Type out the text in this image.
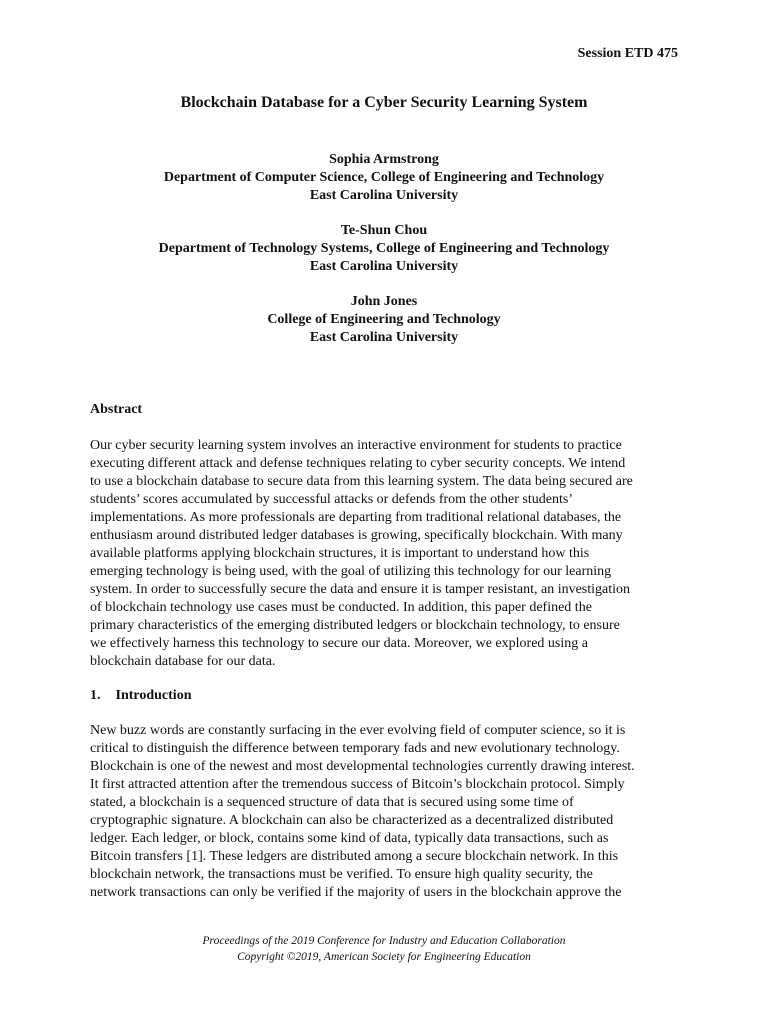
Session ETD 475
Blockchain Database for a Cyber Security Learning System
Sophia Armstrong
Department of Computer Science, College of Engineering and Technology
East Carolina University
Te-Shun Chou
Department of Technology Systems, College of Engineering and Technology
East Carolina University
John Jones
College of Engineering and Technology
East Carolina University
Abstract
Our cyber security learning system involves an interactive environment for students to practice
executing different attack and defense techniques relating to cyber security concepts. We intend
to use a blockchain database to secure data from this learning system. The data being secured are
students’ scores accumulated by successful attacks or defends from the other students’
implementations. As more professionals are departing from traditional relational databases, the
enthusiasm around distributed ledger databases is growing, specifically blockchain. With many
available platforms applying blockchain structures, it is important to understand how this
emerging technology is being used, with the goal of utilizing this technology for our learning
system. In order to successfully secure the data and ensure it is tamper resistant, an investigation
of blockchain technology use cases must be conducted. In addition, this paper defined the
primary characteristics of the emerging distributed ledgers or blockchain technology, to ensure
we effectively harness this technology to secure our data. Moreover, we explored using a
blockchain database for our data.
1. Introduction
New buzz words are constantly surfacing in the ever evolving field of computer science, so it is
critical to distinguish the difference between temporary fads and new evolutionary technology.
Blockchain is one of the newest and most developmental technologies currently drawing interest.
It first attracted attention after the tremendous success of Bitcoin’s blockchain protocol. Simply
stated, a blockchain is a sequenced structure of data that is secured using some time of
cryptographic signature. A blockchain can also be characterized as a decentralized distributed
ledger. Each ledger, or block, contains some kind of data, typically data transactions, such as
Bitcoin transfers [1]. These ledgers are distributed among a secure blockchain network. In this
blockchain network, the transactions must be verified. To ensure high quality security, the
network transactions can only be verified if the majority of users in the blockchain approve the
Proceedings of the 2019 Conference for Industry and Education Collaboration
Copyright ©2019, American Society for Engineering Education
